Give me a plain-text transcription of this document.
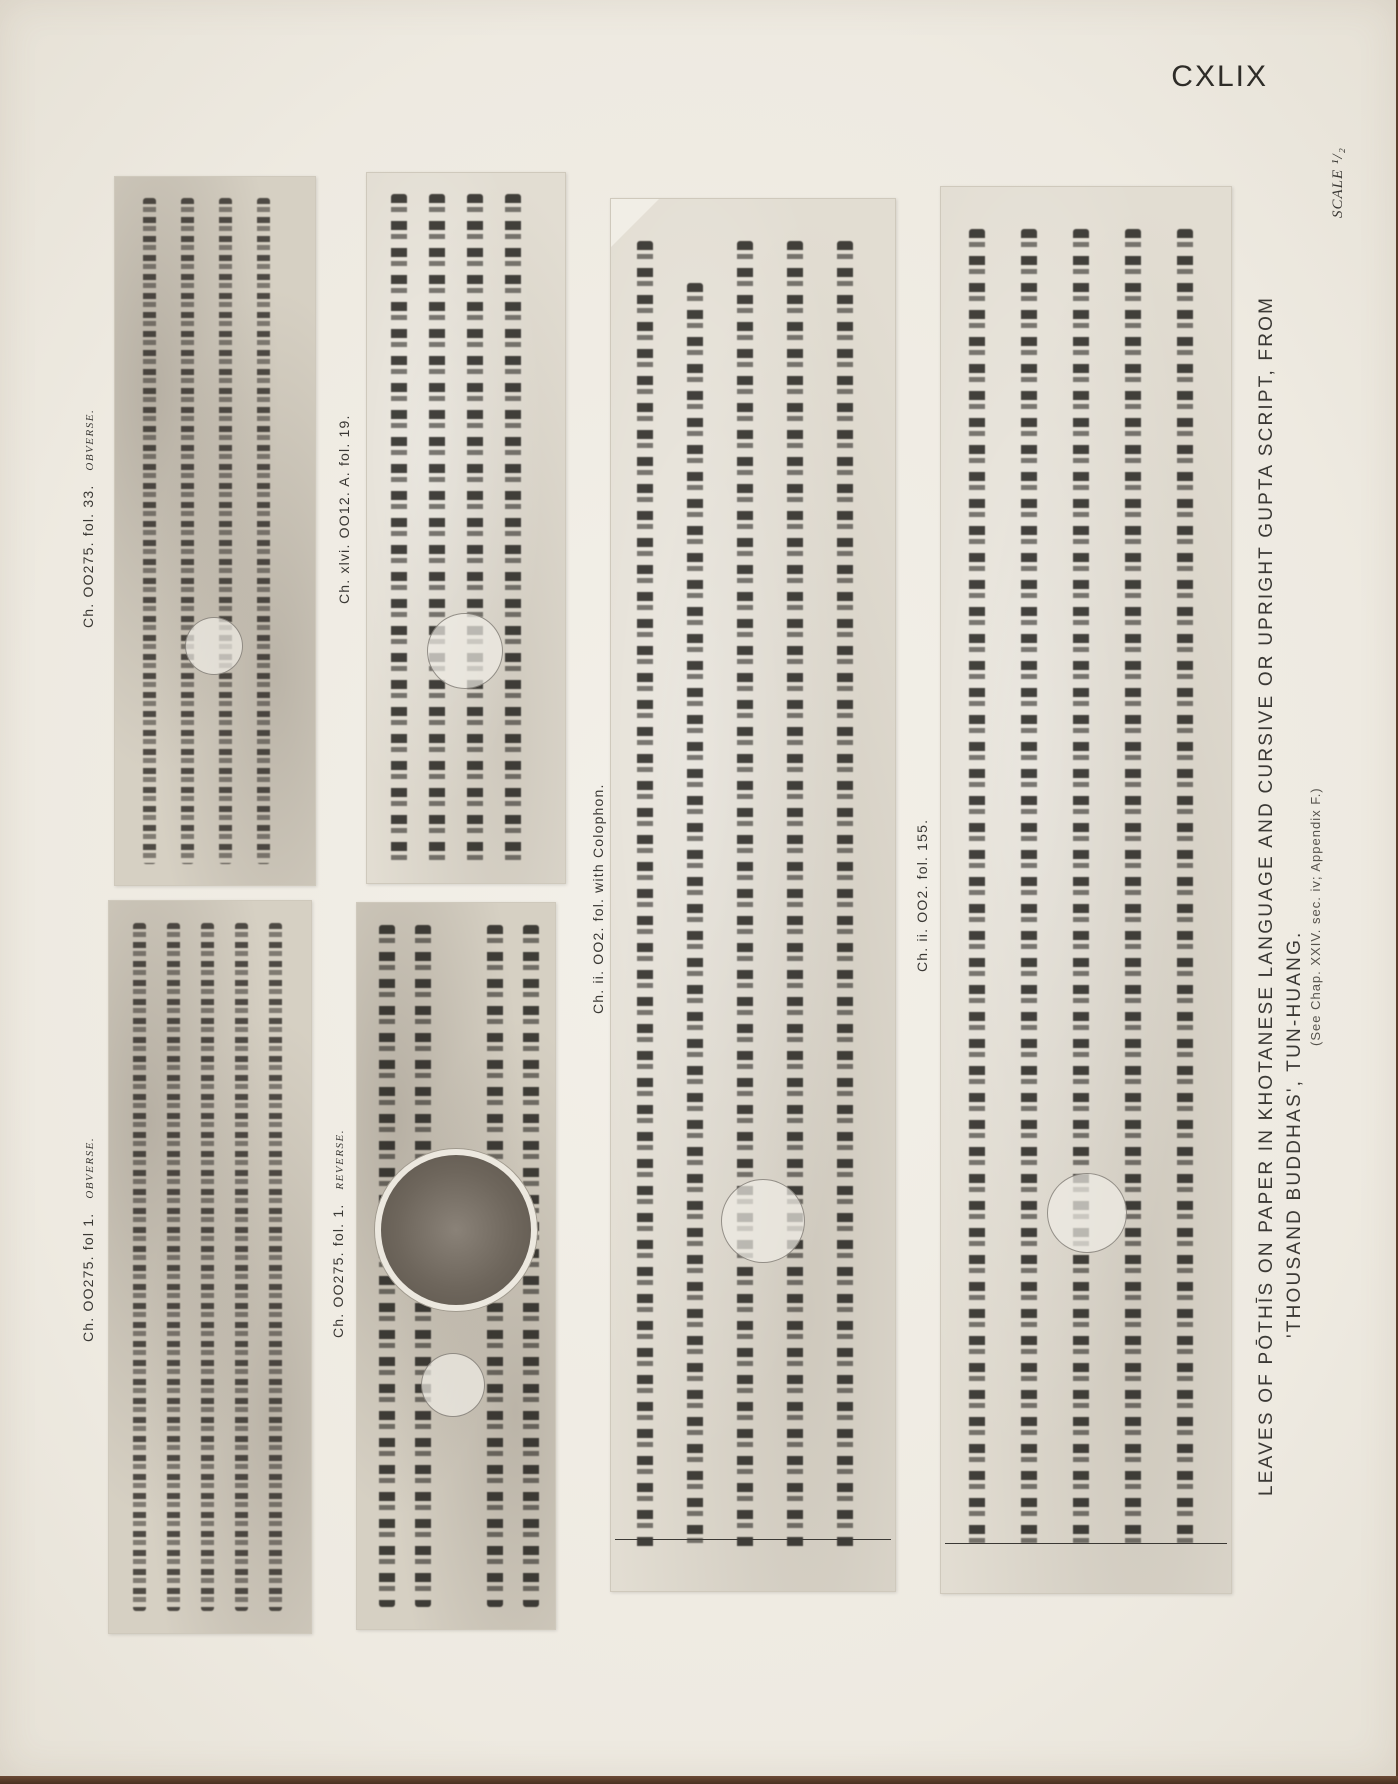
CXLIX
SCALE ¹/₂
LEAVES OF PŌTHĪS ON PAPER IN KHOTANESE LANGUAGE AND CURSIVE OR UPRIGHT GUPTA SCRIPT, FROM 'THOUSAND BUDDHAS', TUN-HUANG.
(See Chap. XXIV. sec. iv; Appendix F.)
Ch. OO275. fol. 33.OBVERSE.	Ch. xlvi. OO12. A. fol. 19.
Ch. OO275. fol 1.OBVERSE.
Ch. OO275. fol. 1.REVERSE.
Ch. ii. OO2. fol. with Colophon.	Ch. ii. OO2. fol. 155.
